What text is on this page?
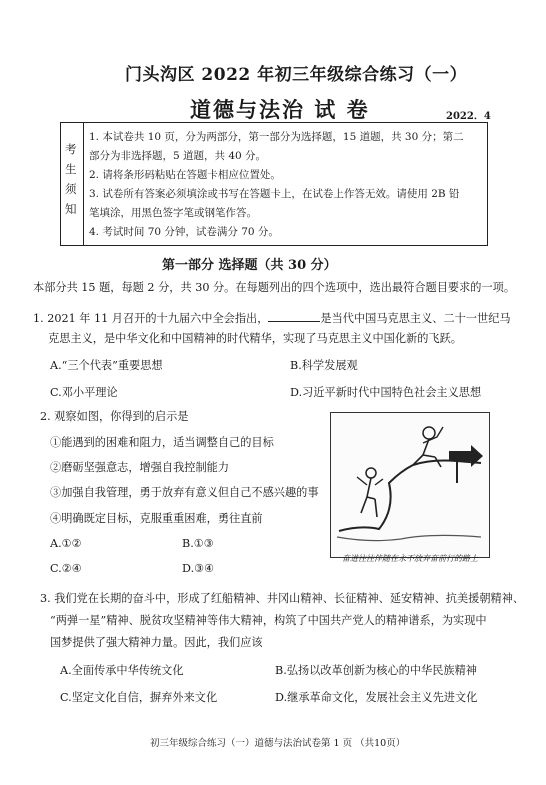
门头沟区 2022 年初三年级综合练习（一）
道德与法治 试 卷	2022．4
考
生
须
知
1. 本试卷共 10 页，分为两部分，第一部分为选择题，15 道题，共 30 分；第二
部分为非选择题，5 道题，共 40 分。
2. 请将条形码粘贴在答题卡相应位置处。
3. 试卷所有答案必须填涂或书写在答题卡上，在试卷上作答无效。请使用 2B 铅
笔填涂，用黑色签字笔或钢笔作答。
4. 考试时间 70 分钟，试卷满分 70 分。
第一部分 选择题（共 30 分）
本部分共 15 题，每题 2 分，共 30 分。在每题列出的四个选项中，选出最符合题目要求的一项。
1. 2021 年 11 月召开的十九届六中全会指出，	是当代中国马克思主义、二十一世纪马
克思主义，是中华文化和中国精神的时代精华，实现了马克思主义中国化新的飞跃。
A.“三个代表”重要思想	B.科学发展观
C.邓小平理论	D.习近平新时代中国特色社会主义思想
2. 观察如图，你得到的启示是
①能遇到的困难和阻力，适当调整自己的目标
②磨砺坚强意志，增强自我控制能力
③加强自我管理，勇于放弃有意义但自己不感兴趣的事
④明确既定目标，克服重重困难，勇往直前
A.①②	B.①③
C.②④	D.③④
奋进往往伴随在永不放弃奋前行的路上
3. 我们党在长期的奋斗中，形成了红船精神、井冈山精神、长征精神、延安精神、抗美援朝精神、
“两弹一星”精神、脱贫攻坚精神等伟大精神，构筑了中国共产党人的精神谱系，为实现中
国梦提供了强大精神力量。因此，我们应该
A.全面传承中华传统文化	B.弘扬以改革创新为核心的中华民族精神
C.坚定文化自信，摒弃外来文化	D.继承革命文化，发展社会主义先进文化
初三年级综合练习（一）道德与法治试卷第 1 页 （共10页）
